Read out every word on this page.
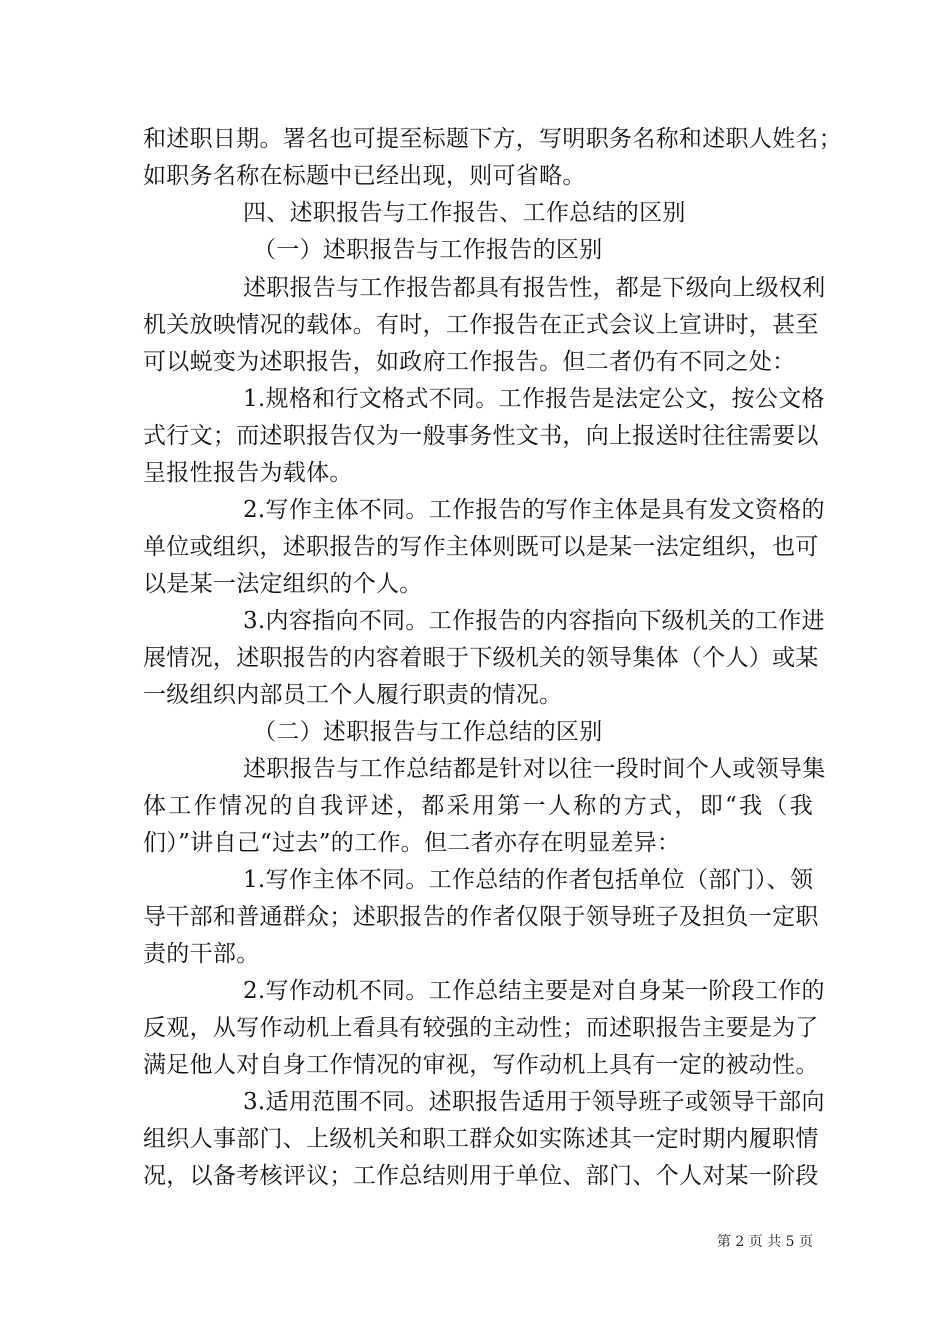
和述职日期。署名也可提至标题下方，写明职务名称和述职人姓名；
如职务名称在标题中已经出现，则可省略。
四、述职报告与工作报告、工作总结的区别
（一）述职报告与工作报告的区别
述职报告与工作报告都具有报告性，都是下级向上级权利
机关放映情况的载体。有时，工作报告在正式会议上宣讲时，甚至
可以蜕变为述职报告，如政府工作报告。但二者仍有不同之处：
1.规格和行文格式不同。工作报告是法定公文，按公文格
式行文；而述职报告仅为一般事务性文书，向上报送时往往需要以
呈报性报告为载体。
2.写作主体不同。工作报告的写作主体是具有发文资格的
单位或组织，述职报告的写作主体则既可以是某一法定组织，也可
以是某一法定组织的个人。
3.内容指向不同。工作报告的内容指向下级机关的工作进
展情况，述职报告的内容着眼于下级机关的领导集体（个人）或某
一级组织内部员工个人履行职责的情况。
（二）述职报告与工作总结的区别
述职报告与工作总结都是针对以往一段时间个人或领导集
体工作情况的自我评述，都采用第一人称的方式，即“我（我
们）”讲自己“过去”的工作。但二者亦存在明显差异：
1.写作主体不同。工作总结的作者包括单位（部门）、领
导干部和普通群众；述职报告的作者仅限于领导班子及担负一定职
责的干部。
2.写作动机不同。工作总结主要是对自身某一阶段工作的
反观，从写作动机上看具有较强的主动性；而述职报告主要是为了
满足他人对自身工作情况的审视，写作动机上具有一定的被动性。
3.适用范围不同。述职报告适用于领导班子或领导干部向
组织人事部门、上级机关和职工群众如实陈述其一定时期内履职情
况，以备考核评议；工作总结则用于单位、部门、个人对某一阶段
第 2 页 共 5 页
